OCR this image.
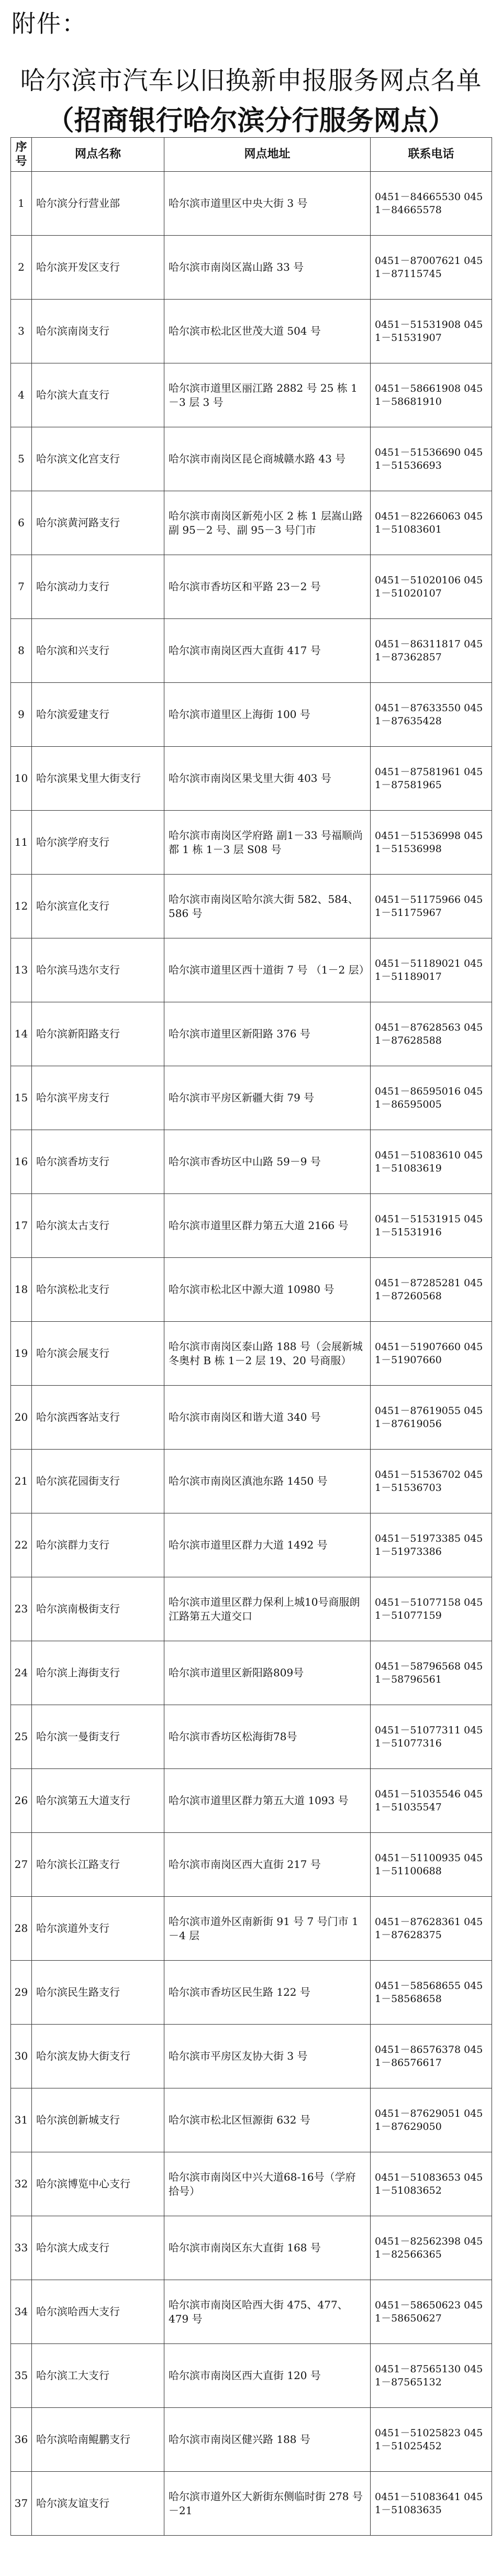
附件：
哈尔滨市汽车以旧换新申报服务网点名单
（招商银行哈尔滨分行服务网点）
序号	网点名称	网点地址	联系电话
1	哈尔滨分行营业部	哈尔滨市道里区中央大街 3 号	0451－84665530 0451－84665578
2	哈尔滨开发区支行	哈尔滨市南岗区嵩山路 33 号	0451－87007621 0451－87115745
3	哈尔滨南岗支行	哈尔滨市松北区世茂大道 504 号	0451－51531908 0451－51531907
4	哈尔滨大直支行	哈尔滨市道里区丽江路 2882 号 25 栋 1－3 层 3 号	0451－58661908 0451－58681910
5	哈尔滨文化宫支行	哈尔滨市南岗区昆仑商城赣水路 43 号	0451－51536690 0451－51536693
6	哈尔滨黄河路支行	哈尔滨市南岗区新苑小区 2 栋 1 层嵩山路 副 95－2 号、副 95－3 号门市	0451－82266063 0451－51083601
7	哈尔滨动力支行	哈尔滨市香坊区和平路 23－2 号	0451－51020106 0451－51020107
8	哈尔滨和兴支行	哈尔滨市南岗区西大直街 417 号	0451－86311817 0451－87362857
9	哈尔滨爱建支行	哈尔滨市道里区上海街 100 号	0451－87633550 0451－87635428
10	哈尔滨果戈里大街支行	哈尔滨市南岗区果戈里大街 403 号	0451－87581961 0451－87581965
11	哈尔滨学府支行	哈尔滨市南岗区学府路 副1－33 号福顺尚都 1 栋 1－3 层 S08 号	0451－51536998 0451－51536998
12	哈尔滨宣化支行	哈尔滨市南岗区哈尔滨大街 582、584、586 号	0451－51175966 0451－51175967
13	哈尔滨马迭尔支行	哈尔滨市道里区西十道街 7 号 （1－2 层）	0451－51189021 0451－51189017
14	哈尔滨新阳路支行	哈尔滨市道里区新阳路 376 号	0451－87628563 0451－87628588
15	哈尔滨平房支行	哈尔滨市平房区新疆大街 79 号	0451－86595016 0451－86595005
16	哈尔滨香坊支行	哈尔滨市香坊区中山路 59－9 号	0451－51083610 0451－51083619
17	哈尔滨太古支行	哈尔滨市道里区群力第五大道 2166 号	0451－51531915 0451－51531916
18	哈尔滨松北支行	哈尔滨市松北区中源大道 10980 号	0451－87285281 0451－87260568
19	哈尔滨会展支行	哈尔滨市南岗区泰山路 188 号（会展新城冬奥村 B 栋 1－2 层 19、20 号商服）	0451－51907660 0451－51907660
20	哈尔滨西客站支行	哈尔滨市南岗区和谐大道 340 号	0451－87619055 0451－87619056
21	哈尔滨花园街支行	哈尔滨市南岗区滇池东路 1450 号	0451－51536702 0451－51536703
22	哈尔滨群力支行	哈尔滨市道里区群力大道 1492 号	0451－51973385 0451－51973386
23	哈尔滨南极街支行	哈尔滨市道里区群力保利上城10号商服朗江路第五大道交口	0451－51077158 0451－51077159
24	哈尔滨上海街支行	哈尔滨市道里区新阳路809号	0451－58796568 0451－58796561
25	哈尔滨一曼街支行	哈尔滨市香坊区松海街78号	0451－51077311 0451－51077316
26	哈尔滨第五大道支行	哈尔滨市道里区群力第五大道 1093 号	0451－51035546 0451－51035547
27	哈尔滨长江路支行	哈尔滨市南岗区西大直街 217 号	0451－51100935 0451－51100688
28	哈尔滨道外支行	哈尔滨市道外区南新街 91 号 7 号门市 1－4 层	0451－87628361 0451－87628375
29	哈尔滨民生路支行	哈尔滨市香坊区民生路 122 号	0451－58568655 0451－58568658
30	哈尔滨友协大街支行	哈尔滨市平房区友协大街 3 号	0451－86576378 0451－86576617
31	哈尔滨创新城支行	哈尔滨市松北区恒源街 632 号	0451－87629051 0451－87629050
32	哈尔滨博览中心支行	哈尔滨市南岗区中兴大道68-16号（学府拾号）	0451－51083653 0451－51083652
33	哈尔滨大成支行	哈尔滨市南岗区东大直街 168 号	0451－82562398 0451－82566365
34	哈尔滨哈西大支行	哈尔滨市南岗区哈西大街 475、477、479 号	0451－58650623 0451－58650627
35	哈尔滨工大支行	哈尔滨市南岗区西大直街 120 号	0451－87565130 0451－87565132
36	哈尔滨哈南鲲鹏支行	哈尔滨市南岗区健兴路 188 号	0451－51025823 0451－51025452
37	哈尔滨友谊支行	哈尔滨市道外区大新街东侧临时街 278 号－21	0451－51083641 0451－51083635
